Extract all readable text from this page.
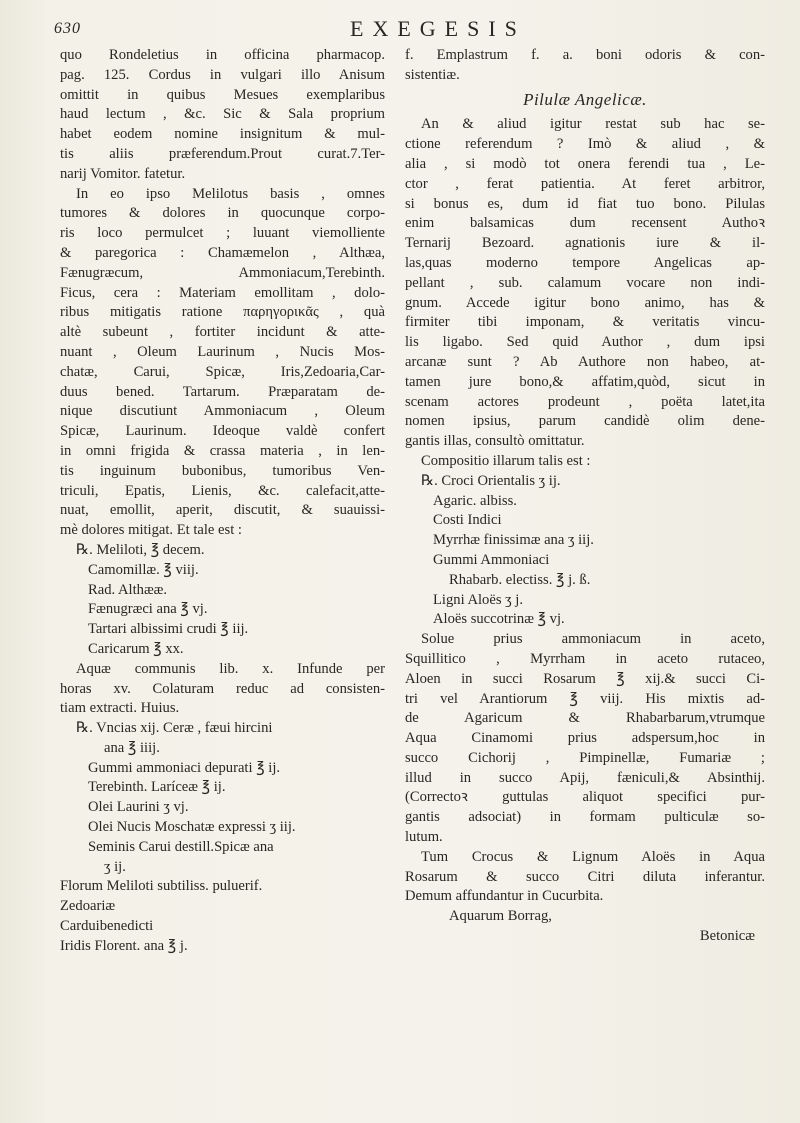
630	EXEGESIS
quo Rondeletius in officina pharmacop.
pag. 125. Cordus in vulgari illo Anisum
omittit in quibus Mesues exemplaribus
haud lectum , &c. Sic & Sala proprium
habet eodem nomine insignitum & mul-
tis aliis præferendum.Prout curat.7.Ter-
narij Vomitor. fatetur.
In eo ipso Melilotus basis , omnes
tumores & dolores in quocunque corpo-
ris loco permulcet ; luuant viemolliente
& paregorica : Chamæmelon , Althæa,
Fænugræcum, Ammoniacum,Terebinth.
Ficus, cera : Materiam emollitam , dolo-
ribus mitigatis ratione παρηγορικᾶς , quà
altè subeunt , fortiter incidunt & atte-
nuant , Oleum Laurinum , Nucis Mos-
chatæ, Carui, Spicæ, Iris,Zedoaria,Car-
duus bened. Tartarum. Præparatam de-
nique discutiunt Ammoniacum , Oleum
Spicæ, Laurinum. Ideoque valdè confert
in omni frigida & crassa materia , in len-
tis inguinum bubonibus, tumoribus Ven-
triculi, Epatis, Lienis, &c. calefacit,atte-
nuat, emollit, aperit, discutit, & suauissi-
mè dolores mitigat. Et tale est :
℞. Meliloti, ℥ decem.
Camomillæ. ℥ viij.
Rad. Althææ.
Fænugræci ana ℥ vj.
Tartari albissimi crudi ℥ iij.
Caricarum ℥ xx.
Aquæ communis lib. x. Infunde per
horas xv. Colaturam reduc ad consisten-
tiam extracti. Huius.
℞. Vncias xij. Ceræ , fæui hircini
ana ℥ iiij.
Gummi ammoniaci depurati ℥ ij.
Terebinth. Laríceæ ℥ ij.
Olei Laurini ʒ vj.
Olei Nucis Moschatæ expressi ʒ iij.
Seminis Carui destill.Spicæ ana
ʒ ij.
Florum Meliloti subtiliss. puluerif.
Zedoariæ
Carduibenedicti
Iridis Florent. ana ℥ j.
f. Emplastrum f. a. boni odoris & con-
sistentiæ.
Pilulæ Angelicæ.
An & aliud igitur restat sub hac se-
ctione referendum ? Imò & aliud , &
alia , si modò tot onera ferendi tua , Le-
ctor , ferat patientia. At feret arbitror,
si bonus es, dum id fiat tuo bono. Pilulas
enim balsamicas dum recensent Authoꝛ
Ternarij Bezoard. agnationis iure & il-
las,quas moderno tempore Angelicas ap-
pellant , sub. calamum vocare non indi-
gnum. Accede igitur bono animo, has &
firmiter tibi imponam, & veritatis vincu-
lis ligabo. Sed quid Author , dum ipsi
arcanæ sunt ? Ab Authore non habeo, at-
tamen jure bono,& affatim,quòd, sicut in
scenam actores prodeunt , poëta latet,ita
nomen ipsius, parum candidè olim dene-
gantis illas, consultò omittatur.
Compositio illarum talis est :
℞. Croci Orientalis ʒ ij.
Agaric. albiss.
Costi Indici
Myrrhæ finissimæ ana ʒ iij.
Gummi Ammoniaci
Rhabarb. electiss. ℥ j. ß.
Ligni Aloës ʒ j.
Aloës succotrinæ ℥ vj.
Solue prius ammoniacum in aceto,
Squillitico , Myrrham in aceto rutaceo,
Aloen in succi Rosarum ℥ xij.& succi Ci-
tri vel Arantiorum ℥ viij. His mixtis ad-
de Agaricum & Rhabarbarum,vtrumque
Aqua Cinamomi prius adspersum,hoc in
succo Cichorij , Pimpinellæ, Fumariæ ;
illud in succo Apij, fæniculi,& Absinthij.
(Correctoꝛ guttulas aliquot specifici pur-
gantis adsociat) in formam pulticulæ so-
lutum.
Tum Crocus & Lignum Aloës in Aqua
Rosarum & succo Citri diluta inferantur.
Demum affundantur in Cucurbita.
Aquarum Borrag,
Betonicæ
